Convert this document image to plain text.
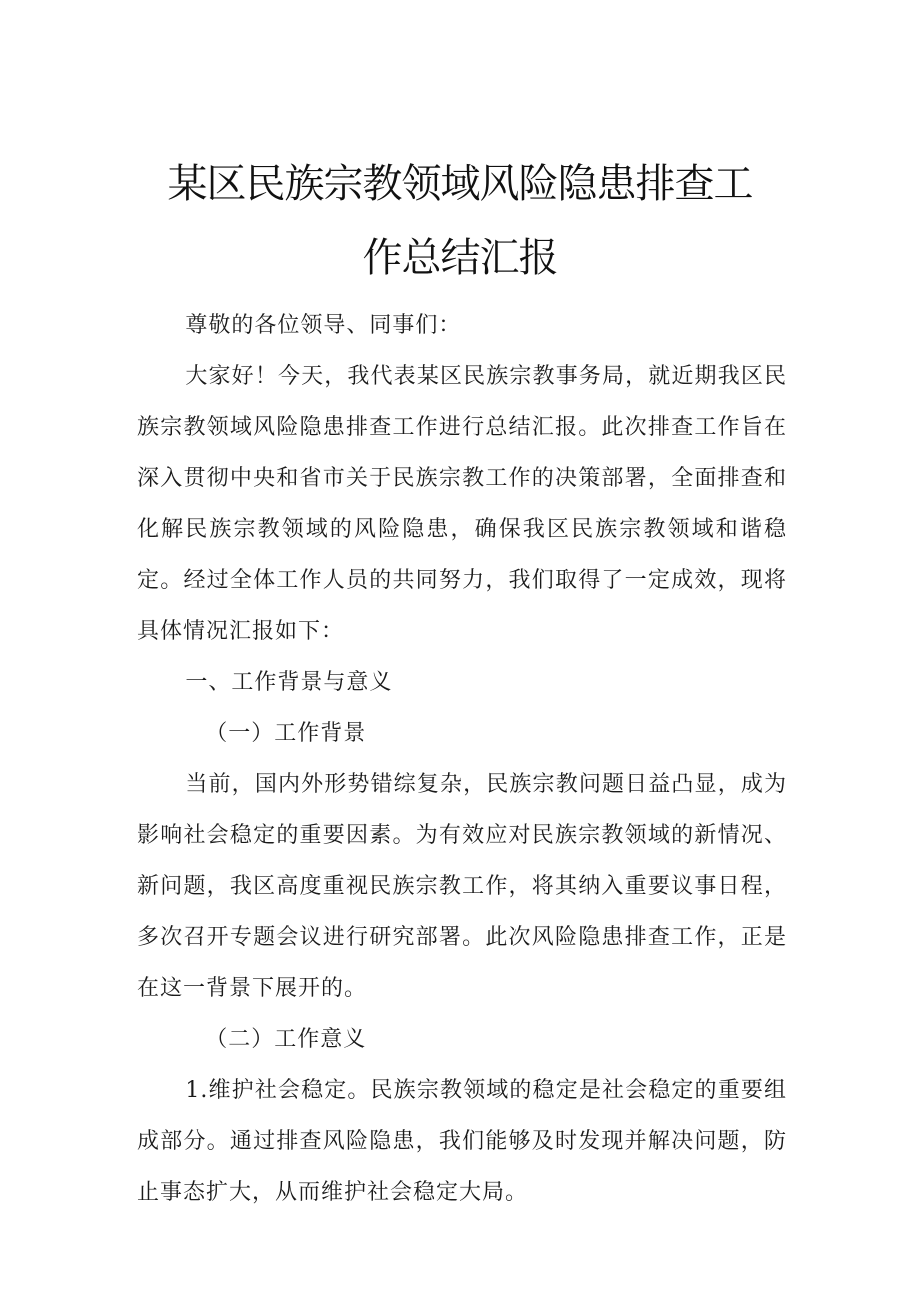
某区民族宗教领域风险隐患排查工
作总结汇报

尊敬的各位领导、同事们：

大家好！今天，我代表某区民族宗教事务局，就近期我区民族宗教领域风险隐患排查工作进行总结汇报。此次排查工作旨在深入贯彻中央和省市关于民族宗教工作的决策部署，全面排查和化解民族宗教领域的风险隐患，确保我区民族宗教领域和谐稳定。经过全体工作人员的共同努力，我们取得了一定成效，现将具体情况汇报如下：

一、工作背景与意义

（一）工作背景

当前，国内外形势错综复杂，民族宗教问题日益凸显，成为影响社会稳定的重要因素。为有效应对民族宗教领域的新情况、新问题，我区高度重视民族宗教工作，将其纳入重要议事日程，多次召开专题会议进行研究部署。此次风险隐患排查工作，正是在这一背景下展开的。

（二）工作意义

1.维护社会稳定。民族宗教领域的稳定是社会稳定的重要组成部分。通过排查风险隐患，我们能够及时发现并解决问题，防止事态扩大，从而维护社会稳定大局。
